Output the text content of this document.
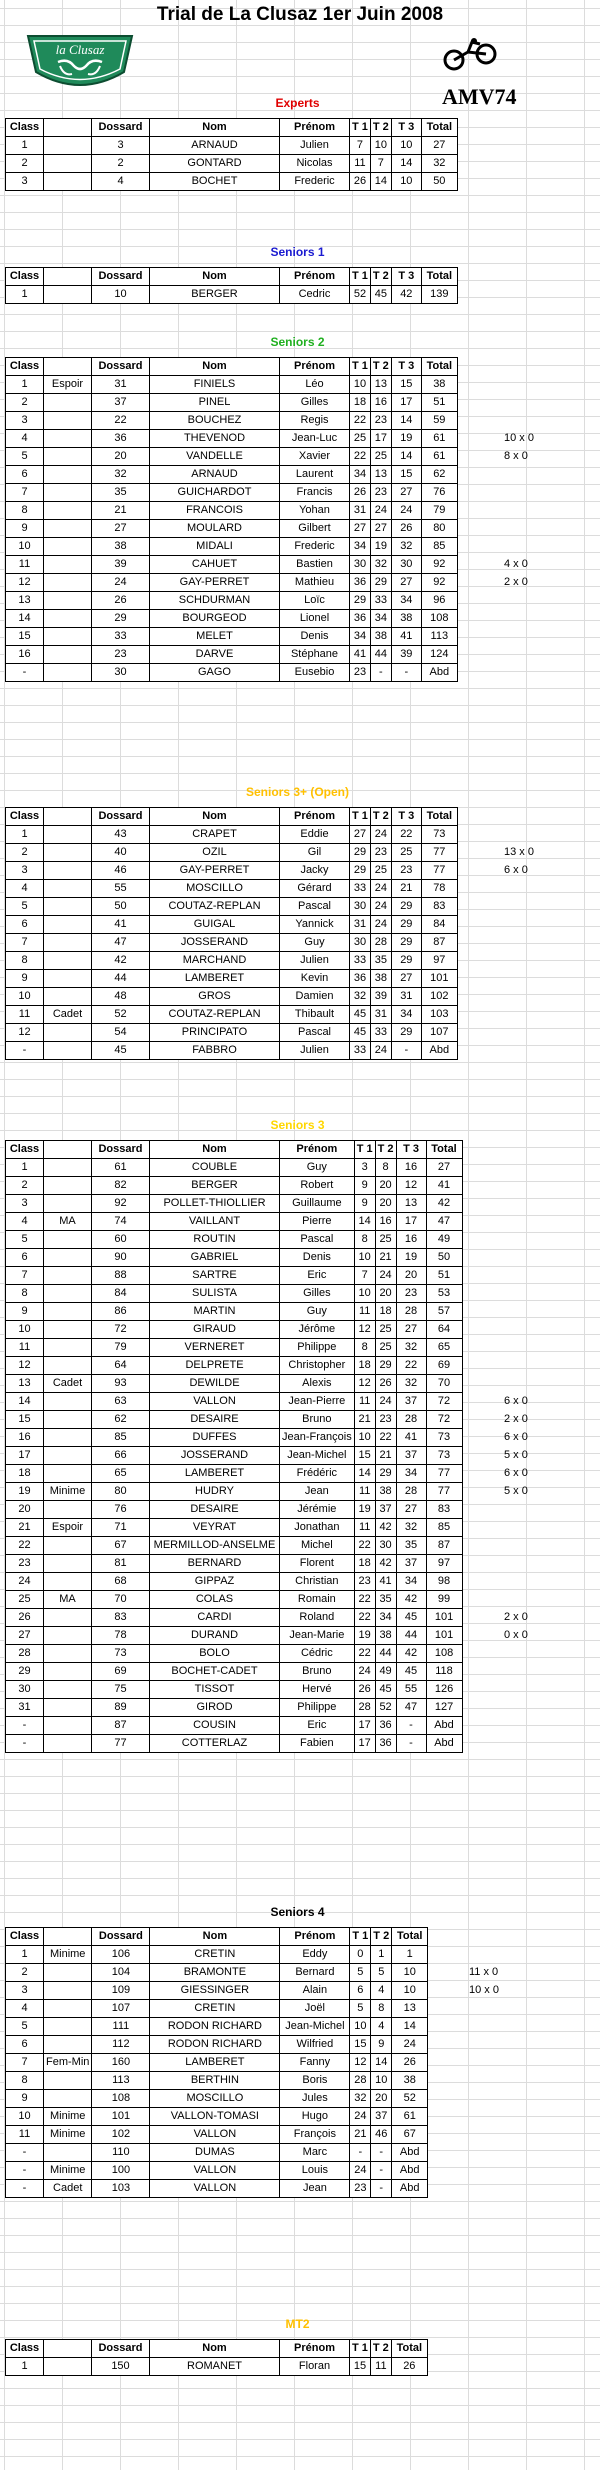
Trial de La Clusaz 1er Juin 2008
la Clusaz
AMV74
Experts
Class		Dossard	Nom	Prénom	T 1	T 2	T 3	Total
1		3	ARNAUD	Julien	7	10	10	27
2		2	GONTARD	Nicolas	11	7	14	32
3		4	BOCHET	Frederic	26	14	10	50
Seniors 1
Class		Dossard	Nom	Prénom	T 1	T 2	T 3	Total
1		10	BERGER	Cedric	52	45	42	139
Seniors 2
10 x 0
8 x 0
4 x 0
2 x 0
Class		Dossard	Nom	Prénom	T 1	T 2	T 3	Total
1	Espoir	31	FINIELS	Léo	10	13	15	38
2		37	PINEL	Gilles	18	16	17	51
3		22	BOUCHEZ	Regis	22	23	14	59
4		36	THEVENOD	Jean-Luc	25	17	19	61
5		20	VANDELLE	Xavier	22	25	14	61
6		32	ARNAUD	Laurent	34	13	15	62
7		35	GUICHARDOT	Francis	26	23	27	76
8		21	FRANCOIS	Yohan	31	24	24	79
9		27	MOULARD	Gilbert	27	27	26	80
10		38	MIDALI	Frederic	34	19	32	85
11		39	CAHUET	Bastien	30	32	30	92
12		24	GAY-PERRET	Mathieu	36	29	27	92
13		26	SCHDURMAN	Loïc	29	33	34	96
14		29	BOURGEOD	Lionel	36	34	38	108
15		33	MELET	Denis	34	38	41	113
16		23	DARVE	Stéphane	41	44	39	124
-		30	GAGO	Eusebio	23	-	-	Abd
Seniors 3+ (Open)
13 x 0
6 x 0
Class		Dossard	Nom	Prénom	T 1	T 2	T 3	Total
1		43	CRAPET	Eddie	27	24	22	73
2		40	OZIL	Gil	29	23	25	77
3		46	GAY-PERRET	Jacky	29	25	23	77
4		55	MOSCILLO	Gérard	33	24	21	78
5		50	COUTAZ-REPLAN	Pascal	30	24	29	83
6		41	GUIGAL	Yannick	31	24	29	84
7		47	JOSSERAND	Guy	30	28	29	87
8		42	MARCHAND	Julien	33	35	29	97
9		44	LAMBERET	Kevin	36	38	27	101
10		48	GROS	Damien	32	39	31	102
11	Cadet	52	COUTAZ-REPLAN	Thibault	45	31	34	103
12		54	PRINCIPATO	Pascal	45	33	29	107
-		45	FABBRO	Julien	33	24	-	Abd
Seniors 3
6 x 0
2 x 0
6 x 0
5 x 0
6 x 0
5 x 0
2 x 0
0 x 0
Class		Dossard	Nom	Prénom	T 1	T 2	T 3	Total
1		61	COUBLE	Guy	3	8	16	27
2		82	BERGER	Robert	9	20	12	41
3		92	POLLET-THIOLLIER	Guillaume	9	20	13	42
4	MA	74	VAILLANT	Pierre	14	16	17	47
5		60	ROUTIN	Pascal	8	25	16	49
6		90	GABRIEL	Denis	10	21	19	50
7		88	SARTRE	Eric	7	24	20	51
8		84	SULISTA	Gilles	10	20	23	53
9		86	MARTIN	Guy	11	18	28	57
10		72	GIRAUD	Jérôme	12	25	27	64
11		79	VERNERET	Philippe	8	25	32	65
12		64	DELPRETE	Christopher	18	29	22	69
13	Cadet	93	DEWILDE	Alexis	12	26	32	70
14		63	VALLON	Jean-Pierre	11	24	37	72
15		62	DESAIRE	Bruno	21	23	28	72
16		85	DUFFES	Jean-François	10	22	41	73
17		66	JOSSERAND	Jean-Michel	15	21	37	73
18		65	LAMBERET	Frédéric	14	29	34	77
19	Minime	80	HUDRY	Jean	11	38	28	77
20		76	DESAIRE	Jérémie	19	37	27	83
21	Espoir	71	VEYRAT	Jonathan	11	42	32	85
22		67	MERMILLOD-ANSELME	Michel	22	30	35	87
23		81	BERNARD	Florent	18	42	37	97
24		68	GIPPAZ	Christian	23	41	34	98
25	MA	70	COLAS	Romain	22	35	42	99
26		83	CARDI	Roland	22	34	45	101
27		78	DURAND	Jean-Marie	19	38	44	101
28		73	BOLO	Cédric	22	44	42	108
29		69	BOCHET-CADET	Bruno	24	49	45	118
30		75	TISSOT	Hervé	26	45	55	126
31		89	GIROD	Philippe	28	52	47	127
-		87	COUSIN	Eric	17	36	-	Abd
-		77	COTTERLAZ	Fabien	17	36	-	Abd
Seniors 4
11 x 0
10 x 0
Class		Dossard	Nom	Prénom	T 1	T 2	Total
1	Minime	106	CRETIN	Eddy	0	1	1
2		104	BRAMONTE	Bernard	5	5	10
3		109	GIESSINGER	Alain	6	4	10
4		107	CRETIN	Joël	5	8	13
5		111	RODON RICHARD	Jean-Michel	10	4	14
6		112	RODON RICHARD	Wilfried	15	9	24
7	Fem-Min	160	LAMBERET	Fanny	12	14	26
8		113	BERTHIN	Boris	28	10	38
9		108	MOSCILLO	Jules	32	20	52
10	Minime	101	VALLON-TOMASI	Hugo	24	37	61
11	Minime	102	VALLON	François	21	46	67
-		110	DUMAS	Marc	-	-	Abd
-	Minime	100	VALLON	Louis	24	-	Abd
-	Cadet	103	VALLON	Jean	23	-	Abd
MT2
Class		Dossard	Nom	Prénom	T 1	T 2	Total
1		150	ROMANET	Floran	15	11	26
